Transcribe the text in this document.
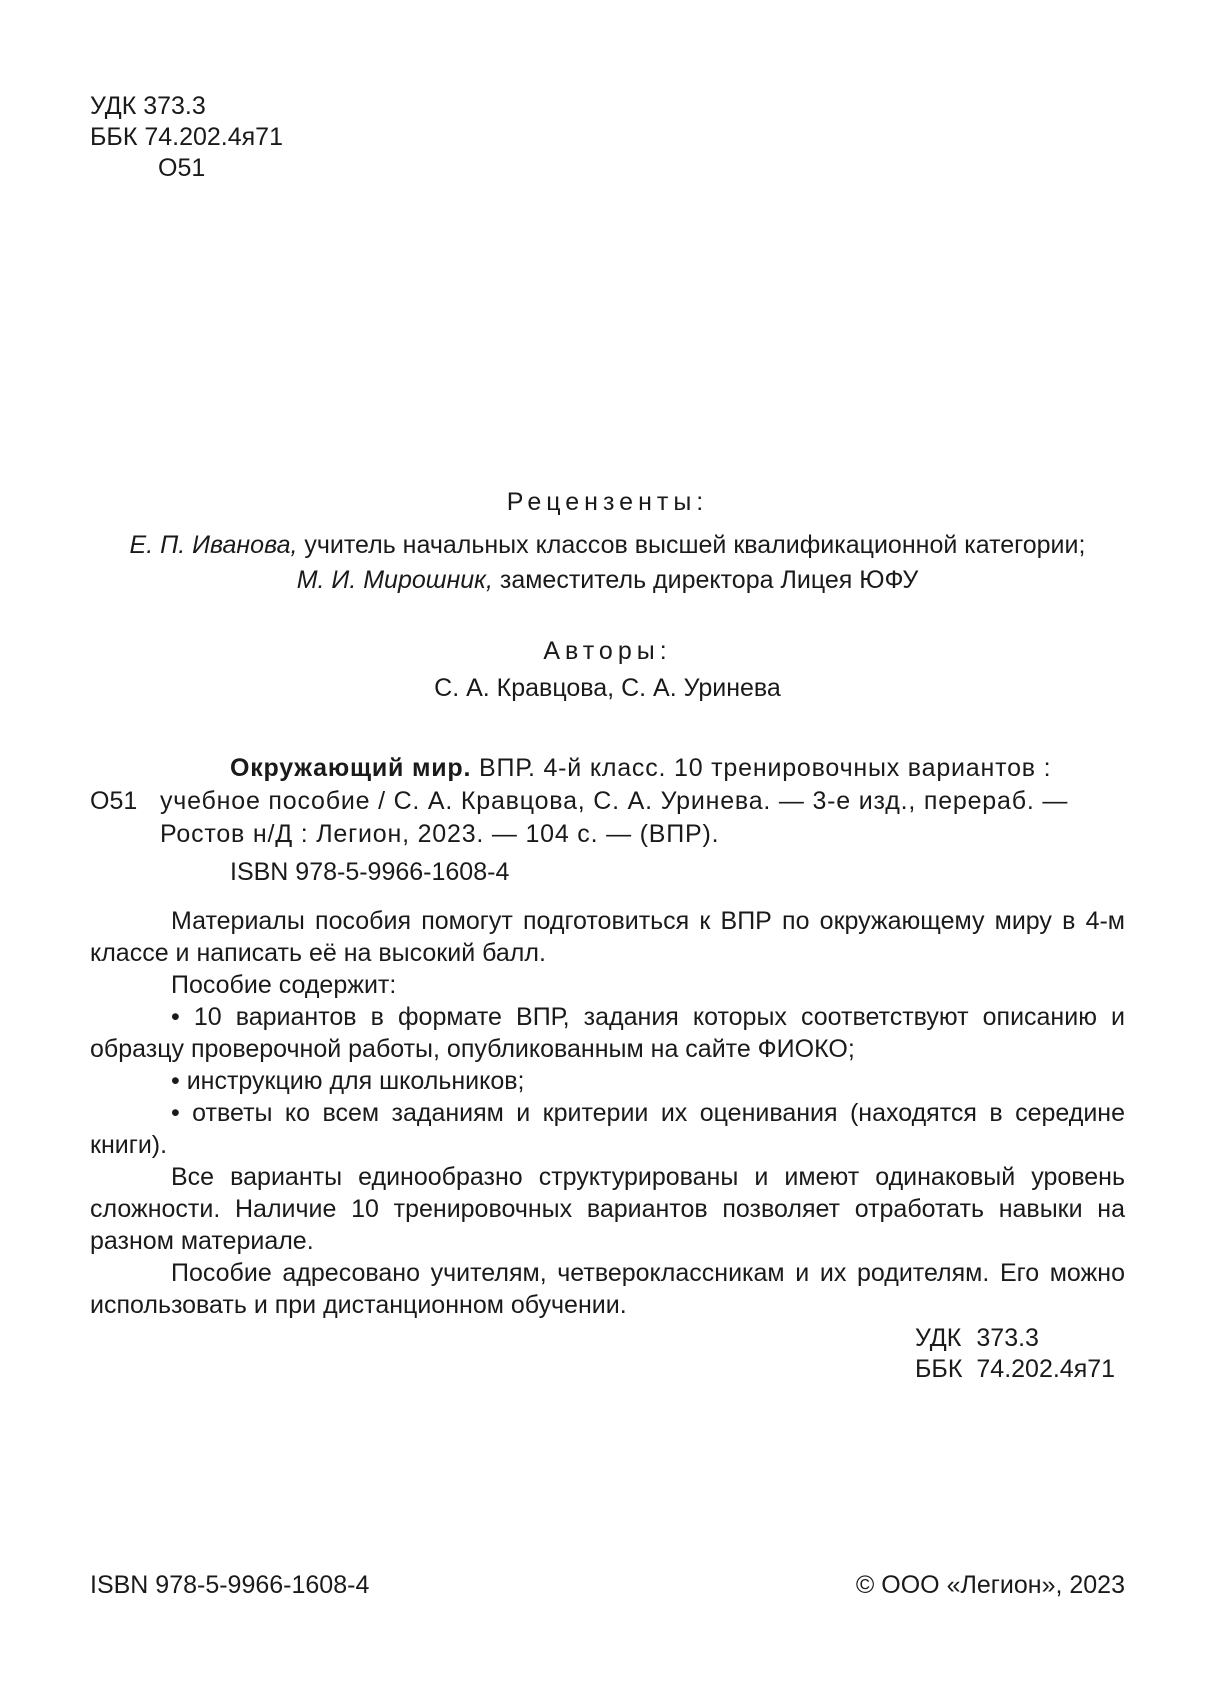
УДК 373.3
ББК 74.202.4я71
О51
Рецензенты:
Е. П. Иванова, учитель начальных классов высшей квалификационной категории;
М. И. Мирошник, заместитель директора Лицея ЮФУ
Авторы:
С. А. Кравцова, С. А. Уринева
Окружающий мир. ВПР. 4-й класс. 10 тренировочных вариантов :
О51 учебное пособие / С. А. Кравцова, С. А. Уринева. — 3-е изд., перераб. —
Ростов н/Д : Легион, 2023. — 104 с. — (ВПР).
ISBN 978-5-9966-1608-4

Материалы пособия помогут подготовиться к ВПР по окружающему миру в 4-м классе и написать её на высокий балл.

Пособие содержит:

• 10 вариантов в формате ВПР, задания которых соответствуют описанию и образцу проверочной работы, опубликованным на сайте ФИОКО;

• инструкцию для школьников;

• ответы ко всем заданиям и критерии их оценивания (находятся в середине книги).

Все варианты единообразно структурированы и имеют одинаковый уровень сложности. Наличие 10 тренировочных вариантов позволяет отработать навыки на разном материале.

Пособие адресовано учителям, четвероклассникам и их родителям. Его можно использовать и при дистанционном обучении.

УДК	373.3
ББК	74.202.4я71
ISBN 978-5-9966-1608-4	© ООО «Легион», 2023
